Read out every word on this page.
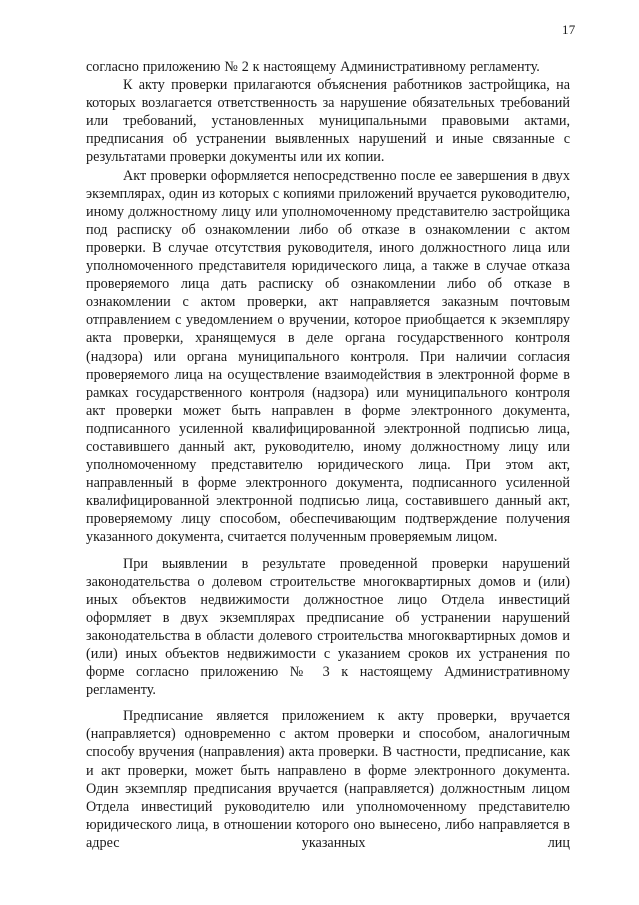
17

согласно приложению № 2 к настоящему Административному регламенту.

К акту проверки прилагаются объяснения работников застройщика, на которых возлагается ответственность за нарушение обязательных требований или требований, установленных муниципальными правовыми актами, предписания об устранении выявленных нарушений и иные связанные с результатами проверки документы или их копии.

Акт проверки оформляется непосредственно после ее завершения в двух экземплярах, один из которых с копиями приложений вручается руководителю, иному должностному лицу или уполномоченному представителю застройщика под расписку об ознакомлении либо об отказе в ознакомлении с актом проверки. В случае отсутствия руководителя, иного должностного лица или уполномоченного представителя юридического лица, а также в случае отказа проверяемого лица дать расписку об ознакомлении либо об отказе в ознакомлении с актом проверки, акт направляется заказным почтовым отправлением с уведомлением о вручении, которое приобщается к экземпляру акта проверки, хранящемуся в деле органа государственного контроля (надзора) или органа муниципального контроля. При наличии согласия проверяемого лица на осуществление взаимодействия в электронной форме в рамках государственного контроля (надзора) или муниципального контроля акт проверки может быть направлен в форме электронного документа, подписанного усиленной квалифицированной электронной подписью лица, составившего данный акт, руководителю, иному должностному лицу или уполномоченному представителю юридического лица. При этом акт, направленный в форме электронного документа, подписанного усиленной квалифицированной электронной подписью лица, составившего данный акт, проверяемому лицу способом, обеспечивающим подтверждение получения указанного документа, считается полученным проверяемым лицом.

При выявлении в результате проведенной проверки нарушений законодательства о долевом строительстве многоквартирных домов и (или) иных объектов недвижимости должностное лицо Отдела инвестиций оформляет в двух экземплярах предписание об устранении нарушений законодательства в области долевого строительства многоквартирных домов и (или) иных объектов недвижимости с указанием сроков их устранения по форме согласно приложению № 3 к настоящему Административному регламенту.

Предписание является приложением к акту проверки, вручается (направляется) одновременно с актом проверки и способом, аналогичным способу вручения (направления) акта проверки. В частности, предписание, как и акт проверки, может быть направлено в форме электронного документа. Один экземпляр предписания вручается (направляется) должностным лицом Отдела инвестиций руководителю или уполномоченному представителю юридического лица, в отношении которого оно вынесено, либо направляется в адрес указанных лиц
